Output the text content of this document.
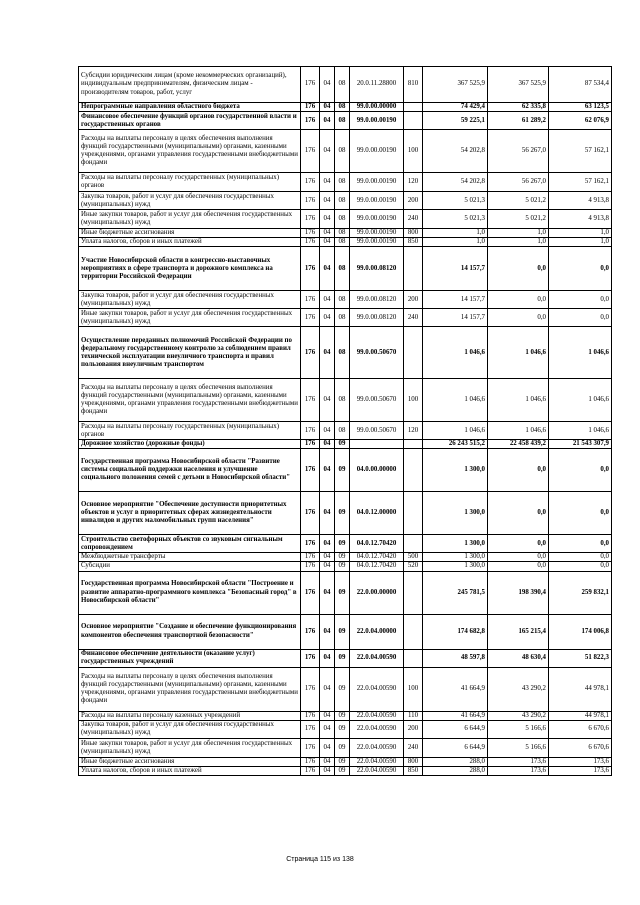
Субсидии юридическим лицам (кроме некоммерческих организаций), индивидуальным предпринимателям, физическим лицам - производителям товаров, работ, услуг	176	04	08	20.0.11.28800	810	367 525,9	367 525,9	87 534,4
Непрограммные направления областного бюджета	176	04	08	99.0.00.00000		74 429,4	62 335,8	63 123,5
Финансовое обеспечение функций органов государственной власти и государственных органов	176	04	08	99.0.00.00190		59 225,1	61 289,2	62 076,9
Расходы на выплаты персоналу в целях обеспечения выполнения функций государственными (муниципальными) органами, казенными учреждениями, органами управления государственными внебюджетными фондами	176	04	08	99.0.00.00190	100	54 202,8	56 267,0	57 162,1
Расходы на выплаты персоналу государственных (муниципальных) органов	176	04	08	99.0.00.00190	120	54 202,8	56 267,0	57 162,1
Закупка товаров, работ и услуг для обеспечения государственных (муниципальных) нужд	176	04	08	99.0.00.00190	200	5 021,3	5 021,2	4 913,8
Иные закупки товаров, работ и услуг для обеспечения государственных (муниципальных) нужд	176	04	08	99.0.00.00190	240	5 021,3	5 021,2	4 913,8
Иные бюджетные ассигнования	176	04	08	99.0.00.00190	800	1,0	1,0	1,0
Уплата налогов, сборов и иных платежей	176	04	08	99.0.00.00190	850	1,0	1,0	1,0
Участие Новосибирской области в конгрессно-выставочных мероприятиях в сфере транспорта и дорожного комплекса на территории Российской Федерации	176	04	08	99.0.00.08120		14 157,7	0,0	0,0
Закупка товаров, работ и услуг для обеспечения государственных (муниципальных) нужд	176	04	08	99.0.00.08120	200	14 157,7	0,0	0,0
Иные закупки товаров, работ и услуг для обеспечения государственных (муниципальных) нужд	176	04	08	99.0.00.08120	240	14 157,7	0,0	0,0
Осуществление переданных полномочий Российской Федерации по федеральному государственному контролю за соблюдением правил технической эксплуатации внеуличного транспорта и правил пользования внеуличным транспортом	176	04	08	99.0.00.50670		1 046,6	1 046,6	1 046,6
Расходы на выплаты персоналу в целях обеспечения выполнения функций государственными (муниципальными) органами, казенными учреждениями, органами управления государственными внебюджетными фондами	176	04	08	99.0.00.50670	100	1 046,6	1 046,6	1 046,6
Расходы на выплаты персоналу государственных (муниципальных) органов	176	04	08	99.0.00.50670	120	1 046,6	1 046,6	1 046,6
Дорожное хозяйство (дорожные фонды)	176	04	09			26 243 515,2	22 458 439,2	21 543 307,9
Государственная программа Новосибирской области "Развитие системы социальной поддержки населения и улучшение социального положения семей с детьми в Новосибирской области"	176	04	09	04.0.00.00000		1 300,0	0,0	0,0
Основное мероприятие "Обеспечение доступности приоритетных объектов и услуг в приоритетных сферах жизнедеятельности инвалидов и других маломобильных групп населения"	176	04	09	04.0.12.00000		1 300,0	0,0	0,0
Строительство светофорных объектов со звуковым сигнальным сопровождением	176	04	09	04.0.12.70420		1 300,0	0,0	0,0
Межбюджетные трансферты	176	04	09	04.0.12.70420	500	1 300,0	0,0	0,0
Субсидии	176	04	09	04.0.12.70420	520	1 300,0	0,0	0,0
Государственная программа Новосибирской области "Построение и развитие аппаратно-программного комплекса "Безопасный город" в Новосибирской области"	176	04	09	22.0.00.00000		245 781,5	198 390,4	259 832,1
Основное мероприятие "Создание и обеспечение функционирования компонентов обеспечения транспортной безопасности"	176	04	09	22.0.04.00000		174 682,8	165 215,4	174 006,8
Финансовое обеспечение деятельности (оказание услуг) государственных учреждений	176	04	09	22.0.04.00590		48 597,8	48 630,4	51 822,3
Расходы на выплаты персоналу в целях обеспечения выполнения функций государственными (муниципальными) органами, казенными учреждениями, органами управления государственными внебюджетными фондами	176	04	09	22.0.04.00590	100	41 664,9	43 290,2	44 978,1
Расходы на выплаты персоналу казенных учреждений	176	04	09	22.0.04.00590	110	41 664,9	43 290,2	44 978,1
Закупка товаров, работ и услуг для обеспечения государственных (муниципальных) нужд	176	04	09	22.0.04.00590	200	6 644,9	5 166,6	6 670,6
Иные закупки товаров, работ и услуг для обеспечения государственных (муниципальных) нужд	176	04	09	22.0.04.00590	240	6 644,9	5 166,6	6 670,6
Иные бюджетные ассигнования	176	04	09	22.0.04.00590	800	288,0	173,6	173,6
Уплата налогов, сборов и иных платежей	176	04	09	22.0.04.00590	850	288,0	173,6	173,6
Страница 115 из 138
